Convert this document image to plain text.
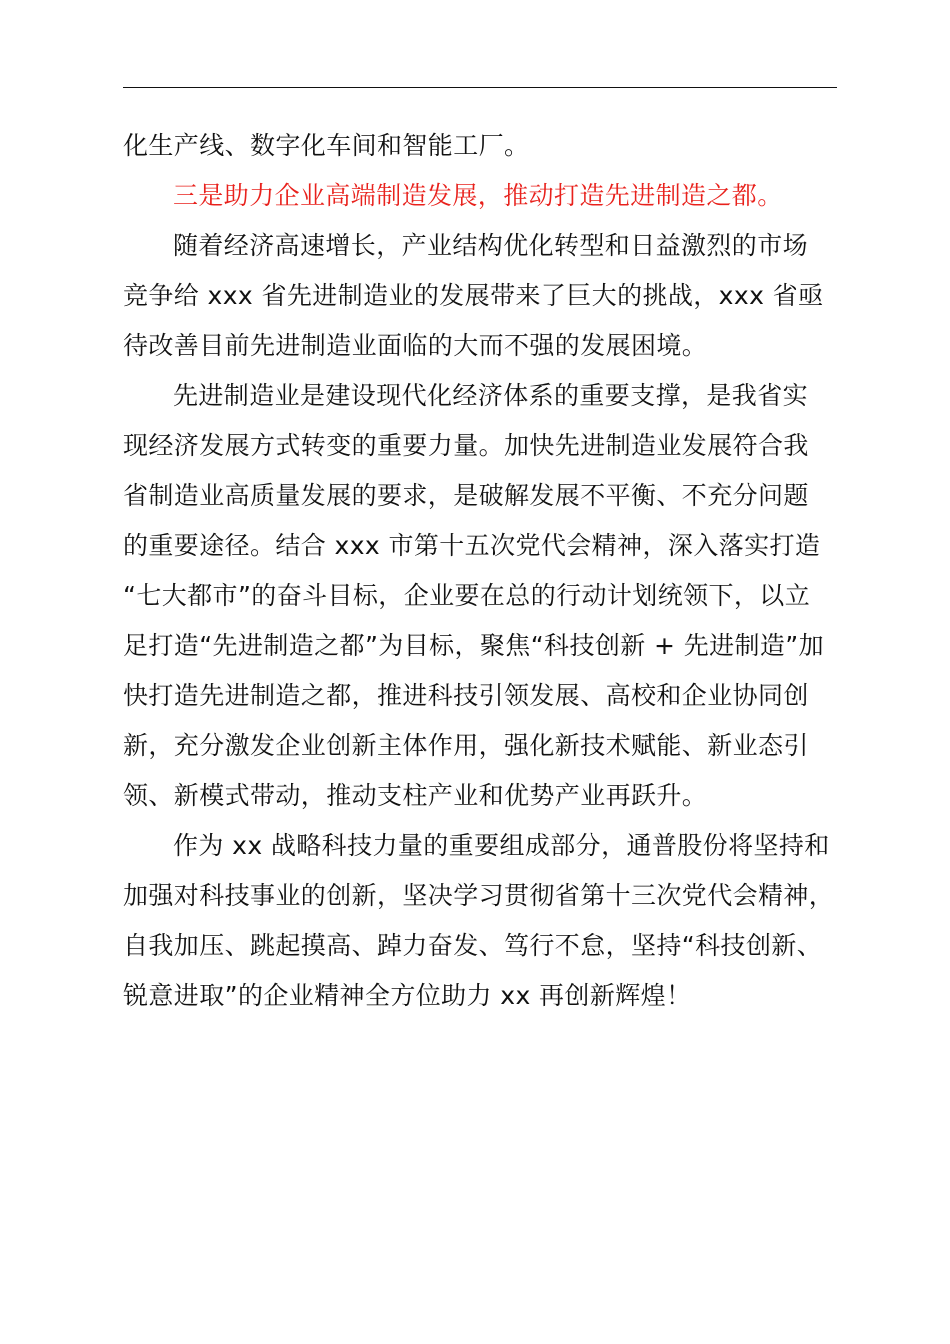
化生产线、数字化车间和智能工厂。
三是助力企业高端制造发展，推动打造先进制造之都。
随着经济高速增长，产业结构优化转型和日益激烈的市场
竞争给 xxx 省先进制造业的发展带来了巨大的挑战，xxx 省亟
待改善目前先进制造业面临的大而不强的发展困境。
先进制造业是建设现代化经济体系的重要支撑，是我省实
现经济发展方式转变的重要力量。加快先进制造业发展符合我
省制造业高质量发展的要求，是破解发展不平衡、不充分问题
的重要途径。结合 xxx 市第十五次党代会精神，深入落实打造
“七大都市”的奋斗目标，企业要在总的行动计划统领下，以立
足打造“先进制造之都”为目标，聚焦“科技创新 + 先进制造”加
快打造先进制造之都，推进科技引领发展、高校和企业协同创
新，充分激发企业创新主体作用，强化新技术赋能、新业态引
领、新模式带动，推动支柱产业和优势产业再跃升。
作为 xx 战略科技力量的重要组成部分，通普股份将坚持和
加强对科技事业的创新，坚决学习贯彻省第十三次党代会精神，
自我加压、跳起摸高、踔力奋发、笃行不怠，坚持“科技创新、
锐意进取”的企业精神全方位助力 xx 再创新辉煌！
